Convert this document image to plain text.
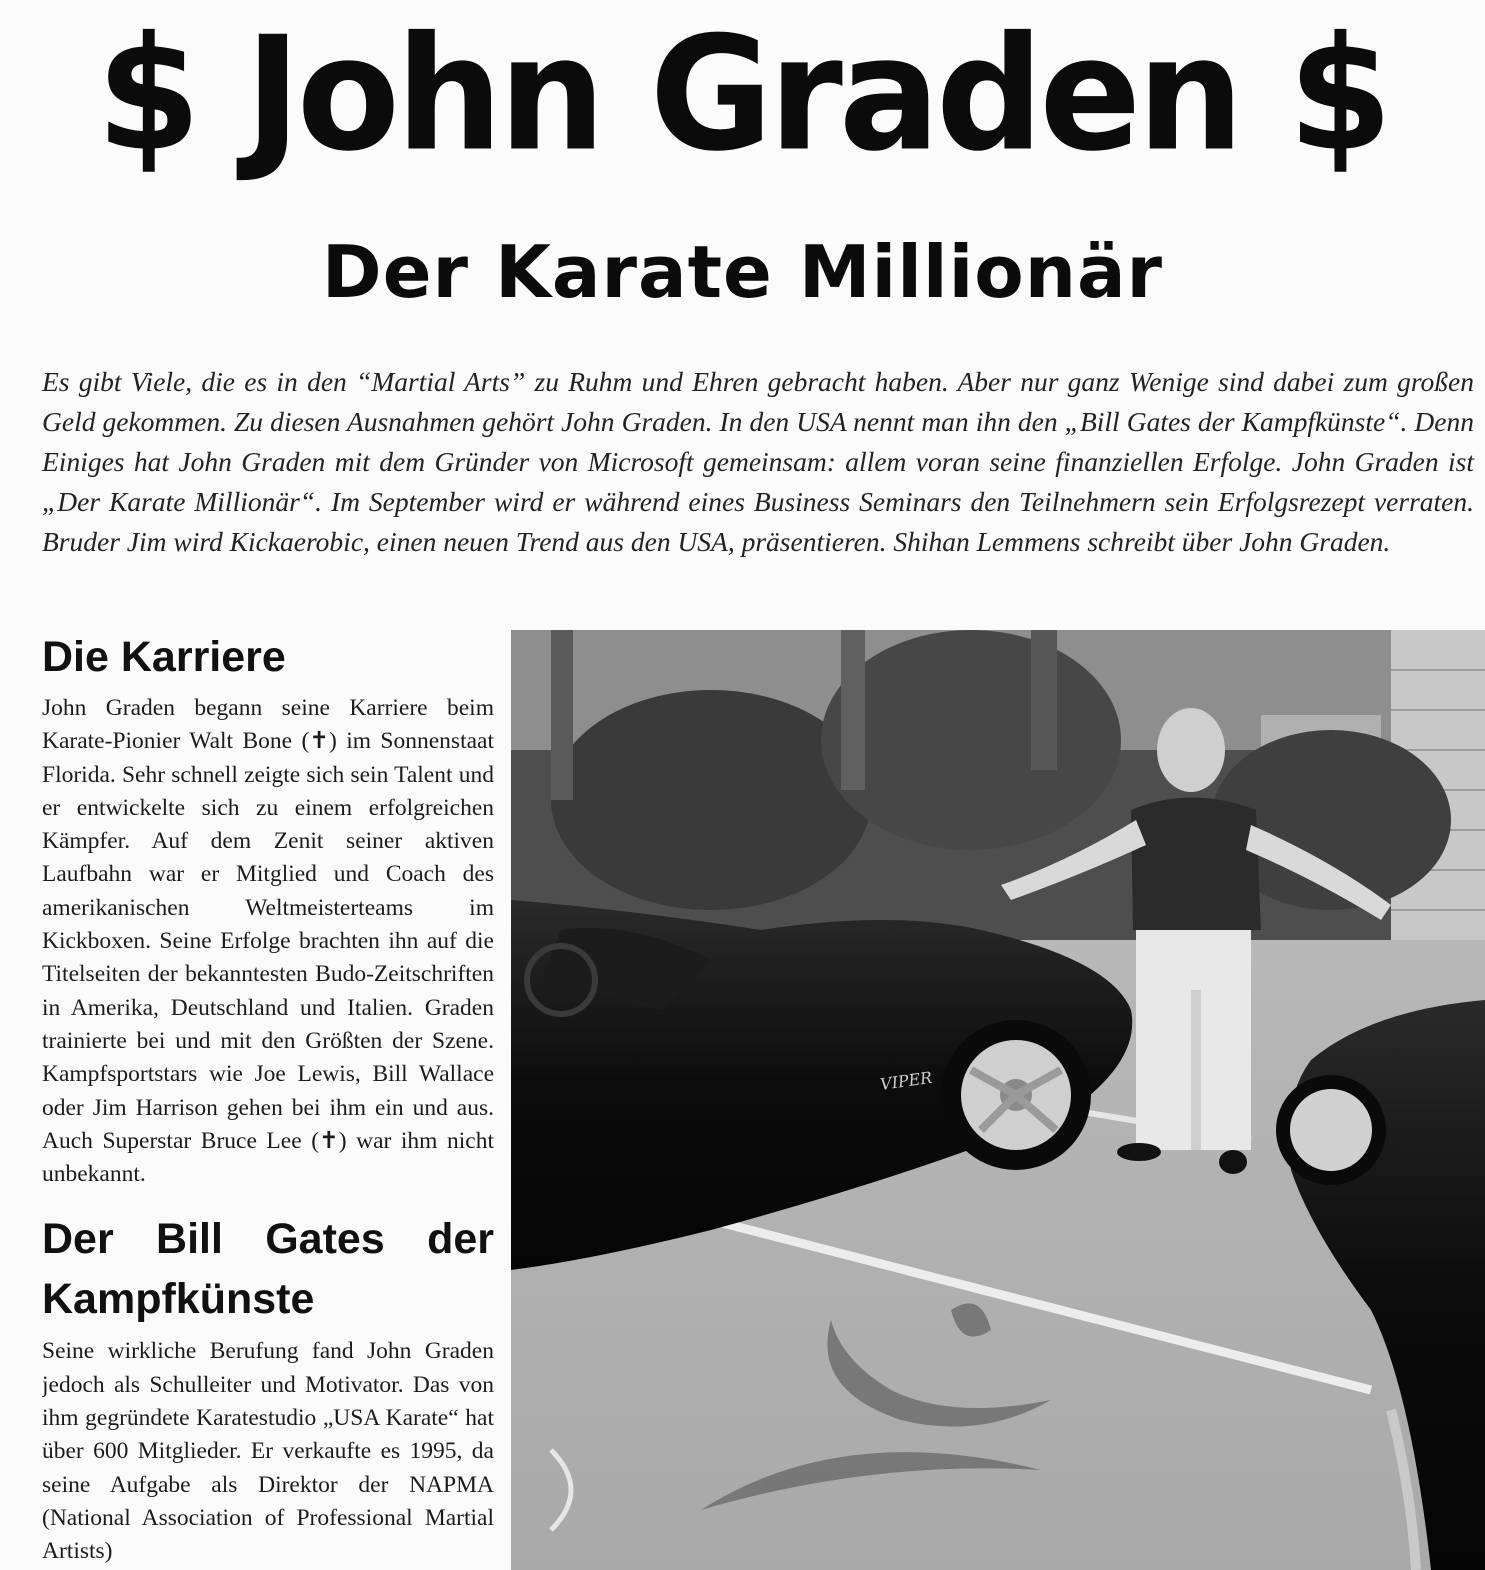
$ John Graden $
Der Karate Millionär
Es gibt Viele, die es in den “Martial Arts” zu Ruhm und Ehren gebracht haben. Aber nur ganz Wenige sind dabei zum großen Geld gekommen. Zu diesen Ausnahmen gehört John Graden. In den USA nennt man ihn den „Bill Gates der Kampfkünste“. Denn Einiges hat John Graden mit dem Gründer von Microsoft gemeinsam: allem voran seine finanziellen Erfolge. John Graden ist „Der Karate Millionär“. Im September wird er während eines Business Seminars den Teilnehmern sein Erfolgsrezept verraten. Bruder Jim wird Kickaerobic, einen neuen Trend aus den USA, präsentieren. Shihan Lemmens schreibt über John Graden.
Die Karriere

John Graden begann seine Karriere beim Karate-Pionier Walt Bone (✝) im Sonnenstaat Florida. Sehr schnell zeigte sich sein Talent und er entwickelte sich zu einem erfolgreichen Kämpfer. Auf dem Zenit seiner aktiven Laufbahn war er Mitglied und Coach des amerikanischen Weltmeisterteams im Kickboxen. Seine Erfolge brachten ihn auf die Titelseiten der bekanntesten Budo-Zeitschriften in Amerika, Deutschland und Italien. Graden trainierte bei und mit den Größten der Szene. Kampfsportstars wie Joe Lewis, Bill Wallace oder Jim Harrison gehen bei ihm ein und aus. Auch Superstar Bruce Lee (✝) war ihm nicht unbekannt.

Der Bill Gates der Kampfkünste

Seine wirkliche Berufung fand John Graden jedoch als Schulleiter und Motivator. Das von ihm gegründete Karatestudio „USA Karate“ hat über 600 Mitglieder. Er verkaufte es 1995, da seine Aufgabe als Direktor der NAPMA (National Association of Professional Martial Artists)

VIPER
